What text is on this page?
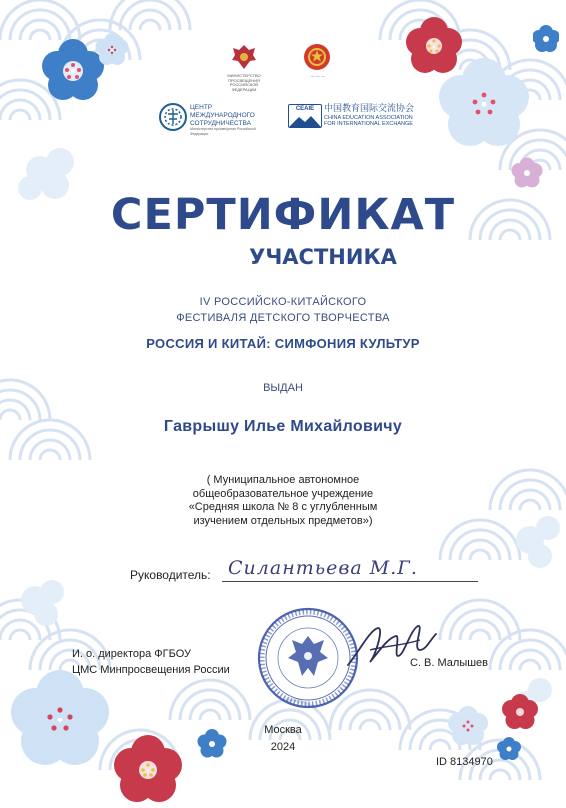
МИНИСТЕРСТВО ПРОСВЕЩЕНИЯ РОССИЙСКОЙ ФЕДЕРАЦИИ
— — —
ЦЕНТР
МЕЖДУНАРОДНОГО
СОТРУДНИЧЕСТВА
Министерства просвещения Российской Федерации
CEAIE	中国教育国际交流协会
CHINA EDUCATION ASSOCIATION
FOR INTERNATIONAL EXCHANGE
СЕРТИФИКАТ
УЧАСТНИКА
IV РОССИЙСКО-КИТАЙСКОГО
ФЕСТИВАЛЯ ДЕТСКОГО ТВОРЧЕСТВА
РОССИЯ И КИТАЙ: СИМФОНИЯ КУЛЬТУР
ВЫДАН
Гаврышу Илье Михайловичу
( Муниципальное автономное
общеобразовательное учреждение
«Средняя школа № 8 с углубленным
изучением отдельных предметов»)
Руководитель: Силантьева М.Г.
И. о. директора ФГБОУ
ЦМС Минпросвещения России
С. В. Малышев
Москва
2024
ID 8134970
